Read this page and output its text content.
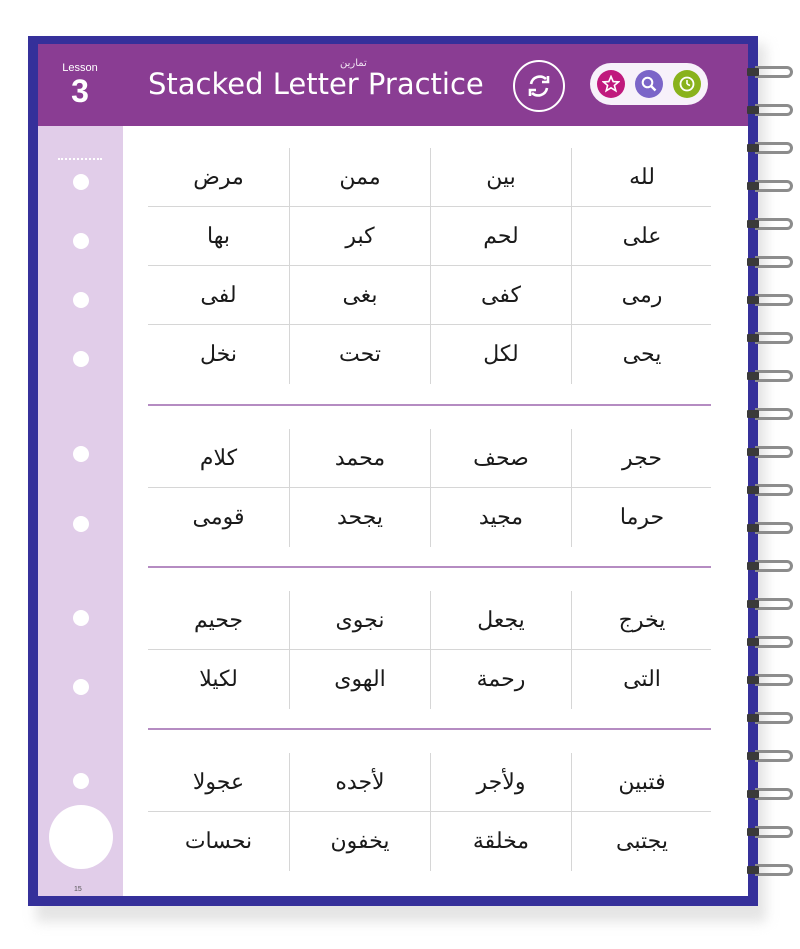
Lesson
3
تمارين
Stacked Letter Practice
15
مرض	ممن	بين	لله
بها	كبر	لحم	على
لفى	بغى	كفى	رمى
نخل	تحت	لكل	يحى
كلام	محمد	صحف	حجر
قومى	يجحد	مجيد	حرما
جحيم	نجوى	يجعل	يخرج
لكيلا	الهوى	رحمة	التى
عجولا	لأجده	ولأجر	فتبين
نحسات	يخفون	مخلقة	يجتبى
